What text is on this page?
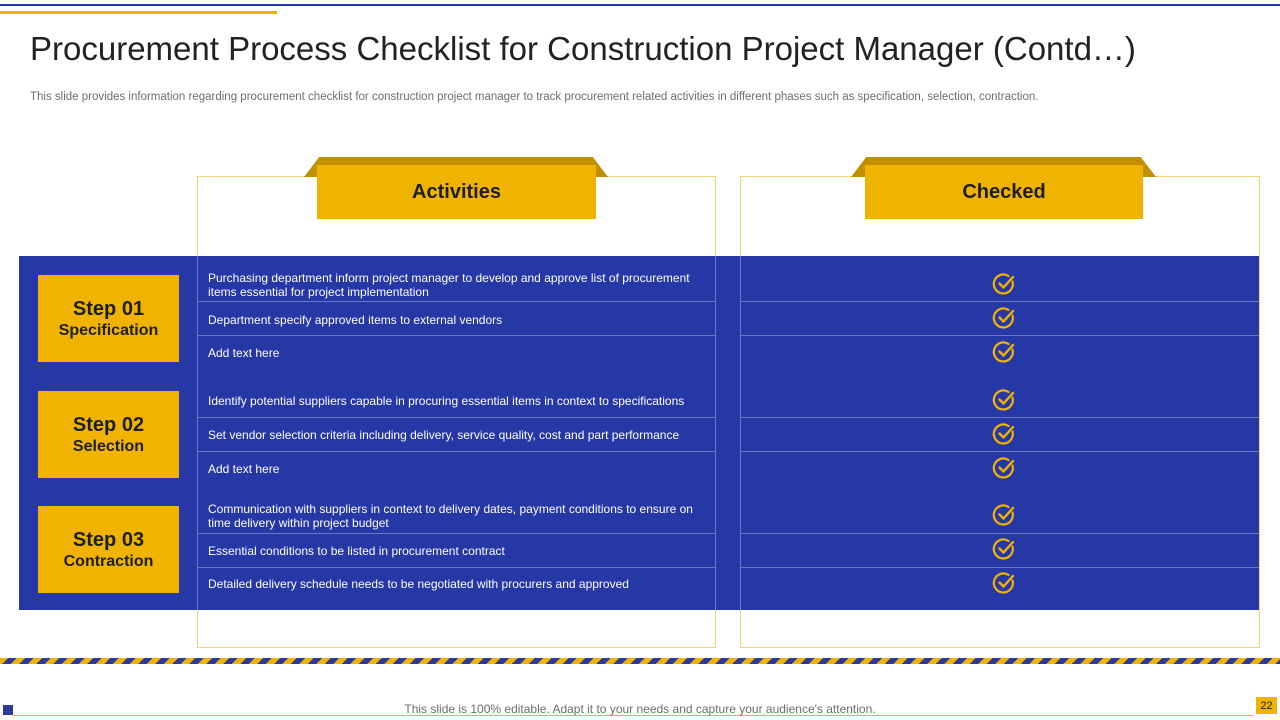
Procurement Process Checklist for Construction Project Manager (Contd…)

This slide provides information regarding procurement checklist for construction project manager to track procurement related activities in different phases such as specification, selection, contraction.

Activities	Checked
Step 01
Specification
Step 02
Selection
Step 03
Contraction
Purchasing department inform project manager to develop and approve list of procurement items essential for project implementation
Department specify approved items to external vendors
Add text here
Identify potential suppliers capable in procuring essential items in context to specifications
Set vendor selection criteria including delivery, service quality, cost and part performance
Add text here
Communication with suppliers in context to delivery dates, payment conditions to ensure on time delivery within project budget
Essential conditions to be listed in procurement contract
Detailed delivery schedule needs to be negotiated with procurers and approved
This slide is 100% editable. Adapt it to your needs and capture your audience's attention.	22
